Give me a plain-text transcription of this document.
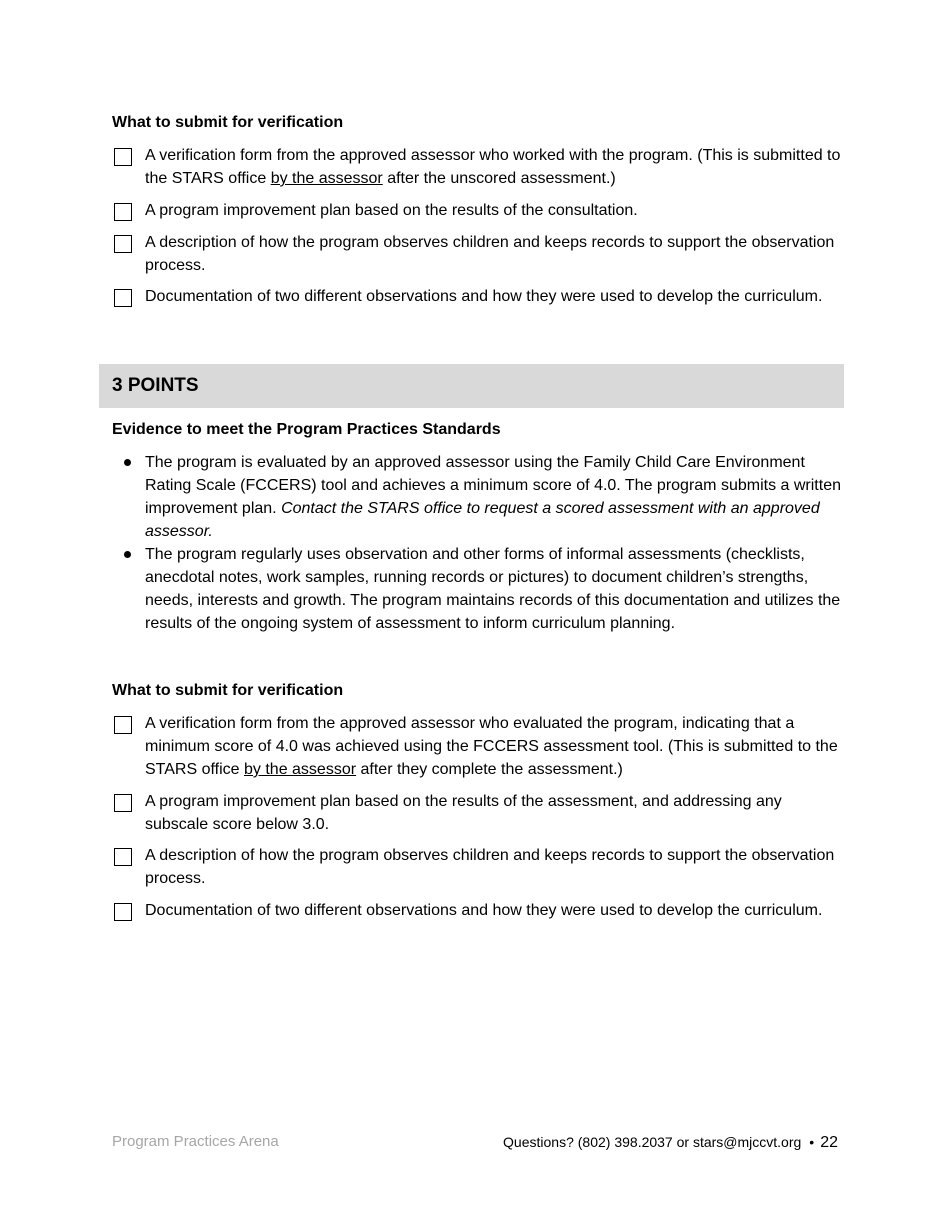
What to submit for verification
A verification form from the approved assessor who worked with the program. (This is submitted to the STARS office by the assessor after the unscored assessment.)
A program improvement plan based on the results of the consultation.
A description of how the program observes children and keeps records to support the observation process.
Documentation of two different observations and how they were used to develop the curriculum.
3 POINTS
Evidence to meet the Program Practices Standards
The program is evaluated by an approved assessor using the Family Child Care Environment Rating Scale (FCCERS) tool and achieves a minimum score of 4.0. The program submits a written improvement plan. Contact the STARS office to request a scored assessment with an approved assessor.
The program regularly uses observation and other forms of informal assessments (checklists, anecdotal notes, work samples, running records or pictures) to document children’s strengths, needs, interests and growth. The program maintains records of this documentation and utilizes the results of the ongoing system of assessment to inform curriculum planning.
What to submit for verification
A verification form from the approved assessor who evaluated the program, indicating that a minimum score of 4.0 was achieved using the FCCERS assessment tool. (This is submitted to the STARS office by the assessor after they complete the assessment.)
A program improvement plan based on the results of the assessment, and addressing any subscale score below 3.0.
A description of how the program observes children and keeps records to support the observation process.
Documentation of two different observations and how they were used to develop the curriculum.
Program Practices Arena	Questions? (802) 398.2037 or stars@mjccvt.org • 22
